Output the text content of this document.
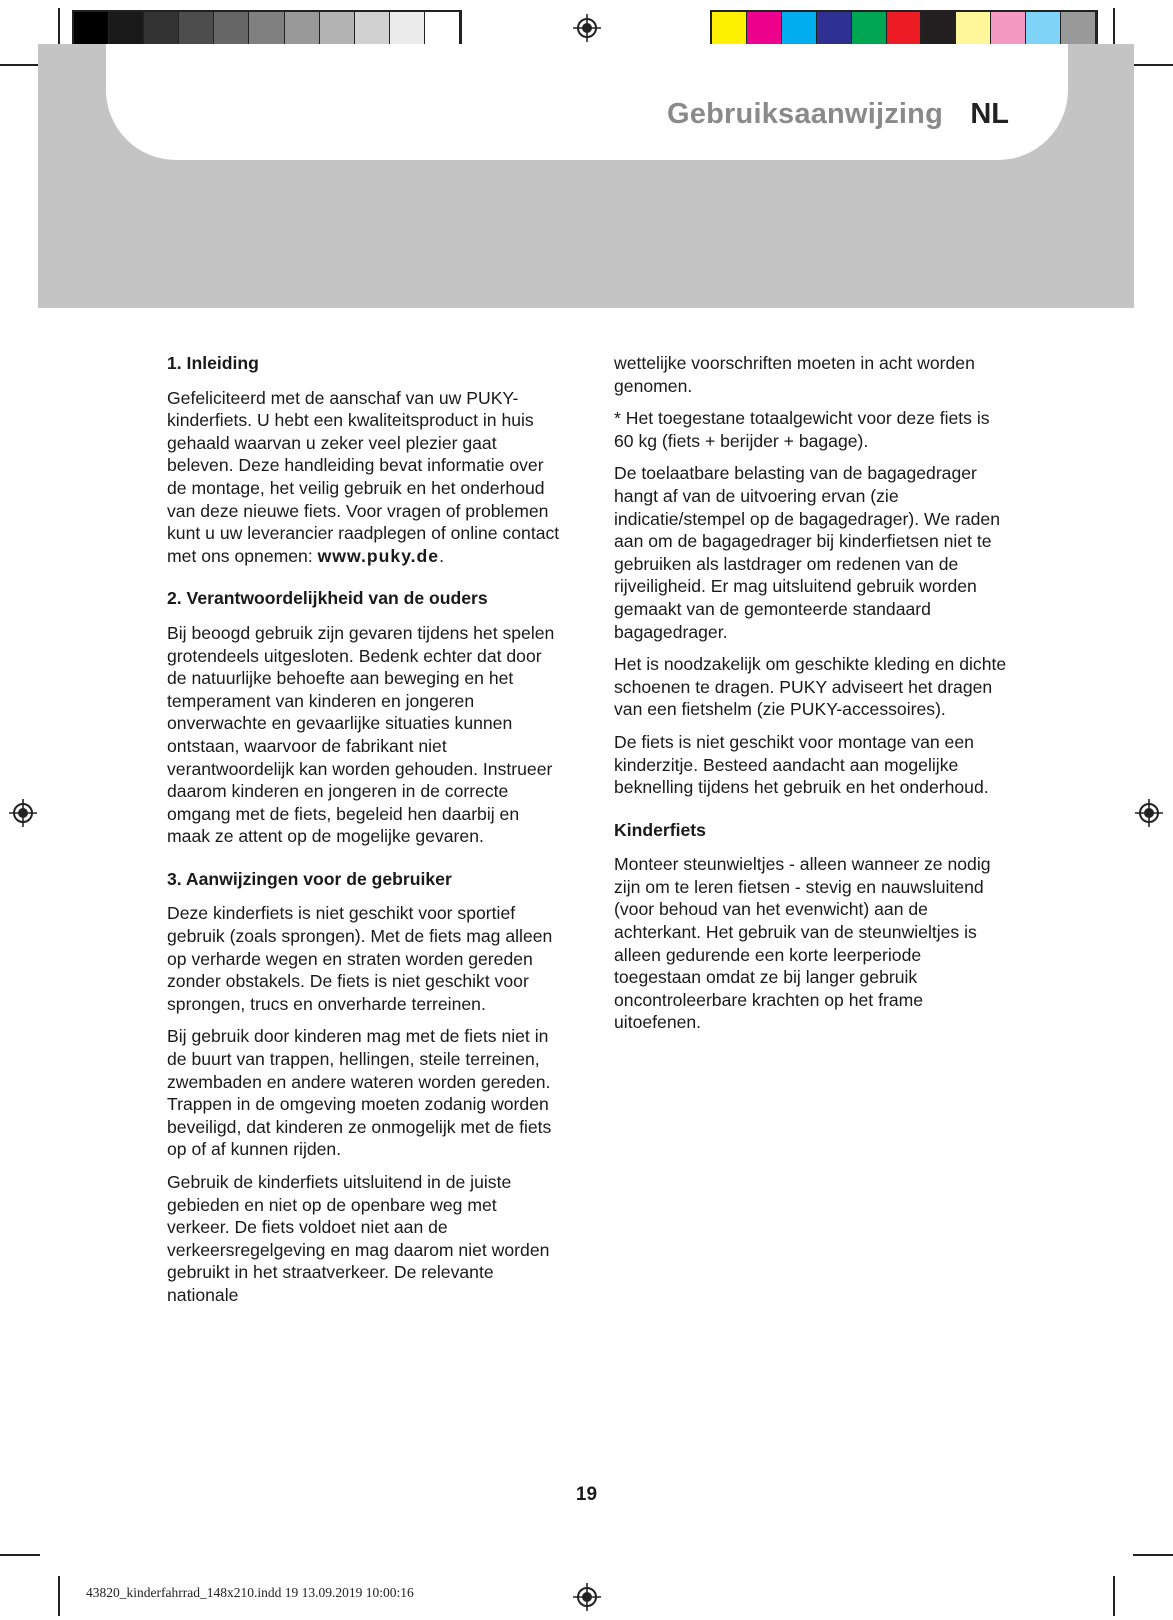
Gebruiksaanwijzing NL
1. Inleiding

Gefeliciteerd met de aanschaf van uw PUKY-kinderfiets. U hebt een kwaliteitsproduct in huis gehaald waarvan u zeker veel plezier gaat beleven. Deze handleiding bevat informatie over de montage, het veilig gebruik en het onderhoud van deze nieuwe fiets. Voor vragen of problemen kunt u uw leverancier raadplegen of online contact met ons opnemen: www.puky.de.

2. Verantwoordelijkheid van de ouders

Bij beoogd gebruik zijn gevaren tijdens het spelen grotendeels uitgesloten. Bedenk echter dat door de natuurlijke behoefte aan beweging en het temperament van kinderen en jongeren onverwachte en gevaarlijke situaties kunnen ontstaan, waarvoor de fabrikant niet verantwoordelijk kan worden gehouden. Instrueer daarom kinderen en jongeren in de correcte omgang met de fiets, begeleid hen daarbij en maak ze attent op de mogelijke gevaren.

3. Aanwijzingen voor de gebruiker

Deze kinderfiets is niet geschikt voor sportief gebruik (zoals sprongen). Met de fiets mag alleen op verharde wegen en straten worden gereden zonder obstakels. De fiets is niet geschikt voor sprongen, trucs en onverharde terreinen.

Bij gebruik door kinderen mag met de fiets niet in de buurt van trappen, hellingen, steile terreinen, zwembaden en andere wateren worden gereden. Trappen in de omgeving moeten zodanig worden beveiligd, dat kinderen ze onmogelijk met de fiets op of af kunnen rijden.

Gebruik de kinderfiets uitsluitend in de juiste gebieden en niet op de openbare weg met verkeer. De fiets voldoet niet aan de verkeersregelgeving en mag daarom niet worden gebruikt in het straatverkeer. De relevante nationale

wettelijke voorschriften moeten in acht worden genomen.

* Het toegestane totaalgewicht voor deze fiets is 60 kg (fiets + berijder + bagage).

De toelaatbare belasting van de bagagedrager hangt af van de uitvoering ervan (zie indicatie/stempel op de bagagedrager). We raden aan om de bagagedrager bij kinderfietsen niet te gebruiken als lastdrager om redenen van de rijveiligheid. Er mag uitsluitend gebruik worden gemaakt van de gemonteerde standaard bagagedrager.

Het is noodzakelijk om geschikte kleding en dichte schoenen te dragen. PUKY adviseert het dragen van een fietshelm (zie PUKY-accessoires).

De fiets is niet geschikt voor montage van een kinderzitje. Besteed aandacht aan mogelijke beknelling tijdens het gebruik en het onderhoud.

Kinderfiets

Monteer steunwieltjes - alleen wanneer ze nodig zijn om te leren fietsen - stevig en nauwsluitend (voor behoud van het evenwicht) aan de achterkant. Het gebruik van de steunwieltjes is alleen gedurende een korte leerperiode toegestaan omdat ze bij langer gebruik oncontroleerbare krachten op het frame uitoefenen.

19
43820_kinderfahrrad_148x210.indd 19 13.09.2019 10:00:16
